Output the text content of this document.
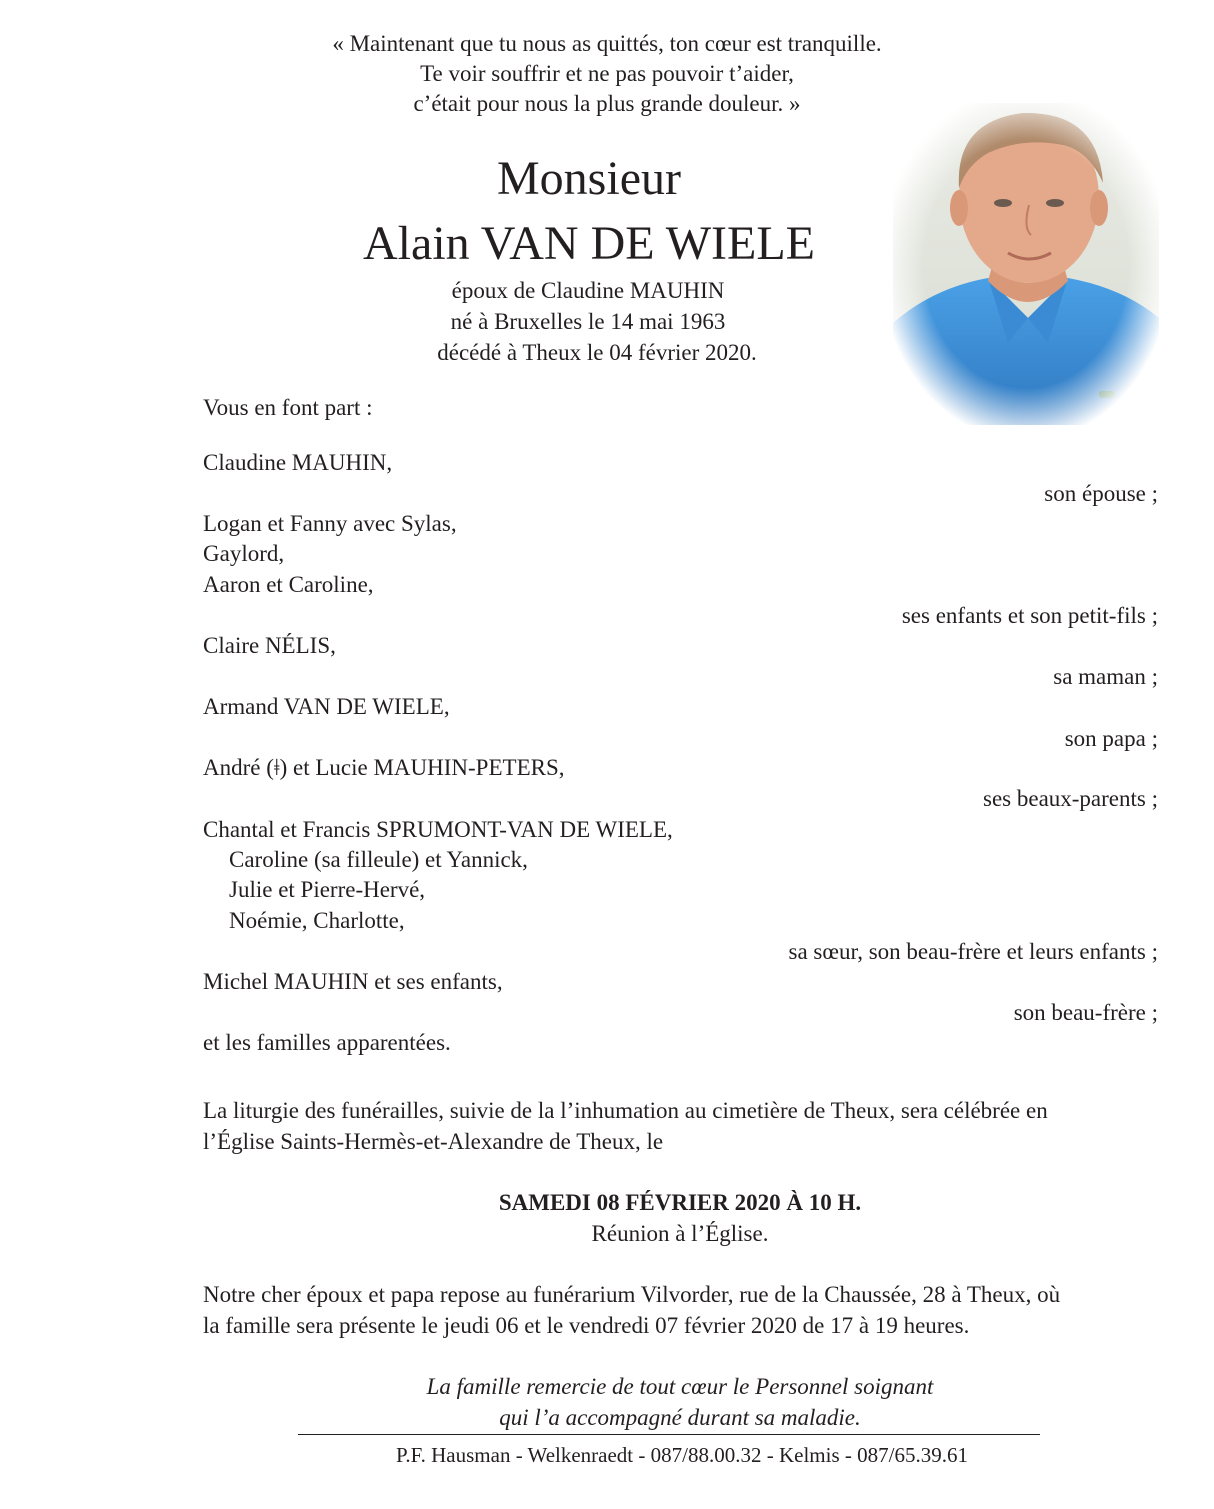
« Maintenant que tu nous as quittés, ton cœur est tranquille.
Te voir souffrir et ne pas pouvoir t’aider,
c’était pour nous la plus grande douleur. »
Monsieur
Alain VAN DE WIELE
époux de Claudine MAUHIN
né à Bruxelles le 14 mai 1963
décédé à Theux le 04 février 2020.
Vous en font part :
Claudine MAUHIN,
son épouse ;
Logan et Fanny avec Sylas,
Gaylord,
Aaron et Caroline,
ses enfants et son petit-fils ;
Claire NÉLIS,
sa maman ;
Armand VAN DE WIELE,
son papa ;
André (ǂ) et Lucie MAUHIN-PETERS,
ses beaux-parents ;
Chantal et Francis SPRUMONT-VAN DE WIELE,
Caroline (sa filleule) et Yannick,
Julie et Pierre-Hervé,
Noémie, Charlotte,
sa sœur, son beau-frère et leurs enfants ;
Michel MAUHIN et ses enfants,
son beau-frère ;
et les familles apparentées.
La liturgie des funérailles, suivie de la l’inhumation au cimetière de Theux, sera célébrée en
l’Église Saints-Hermès-et-Alexandre de Theux, le
SAMEDI 08 FÉVRIER 2020 À 10 H.
Réunion à l’Église.
Notre cher époux et papa repose au funérarium Vilvorder, rue de la Chaussée, 28 à Theux, où
la famille sera présente le jeudi 06 et le vendredi 07 février 2020 de 17 à 19 heures.
La famille remercie de tout cœur le Personnel soignant
qui l’a accompagné durant sa maladie.
P.F. Hausman - Welkenraedt - 087/88.00.32 - Kelmis - 087/65.39.61
